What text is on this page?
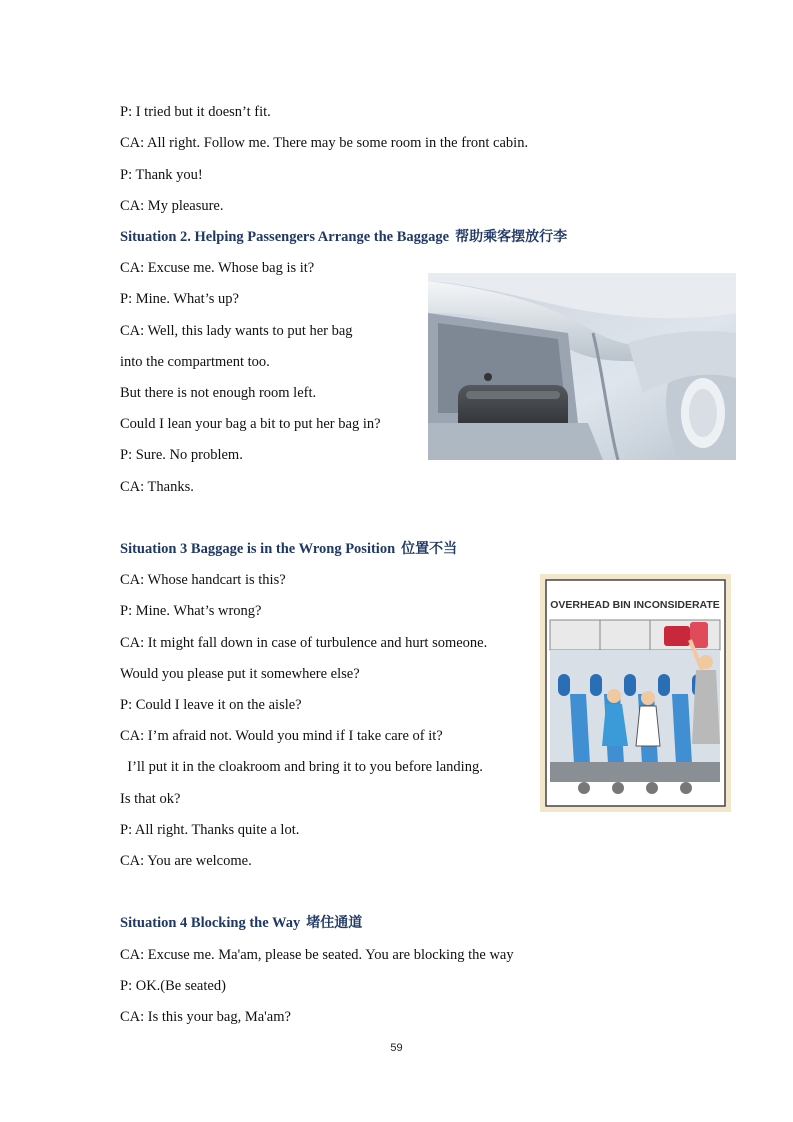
P: I tried but it doesn’t fit.
CA: All right. Follow me. There may be some room in the front cabin.
P: Thank you!
CA: My pleasure.
Situation 2. Helping Passengers Arrange the Baggage 帮助乘客摆放行李
CA: Excuse me. Whose bag is it?
P: Mine. What’s up?
CA: Well, this lady wants to put her bag
into the compartment too.
But there is not enough room left.
Could I lean your bag a bit to put her bag in?
P: Sure. No problem.
CA: Thanks.
Situation 3 Baggage is in the Wrong Position 位置不当
CA: Whose handcart is this?
P: Mine. What’s wrong?
CA: It might fall down in case of turbulence and hurt someone.
Would you please put it somewhere else?
P: Could I leave it on the aisle?
CA: I’m afraid not. Would you mind if I take care of it?
I’ll put it in the cloakroom and bring it to you before landing.
Is that ok?
P: All right. Thanks quite a lot.
CA: You are welcome.
OVERHEAD BIN INCONSIDERATE
Situation 4 Blocking the Way 堵住通道
CA: Excuse me. Ma'am, please be seated. You are blocking the way
P: OK.(Be seated)
CA: Is this your bag, Ma'am?
59
